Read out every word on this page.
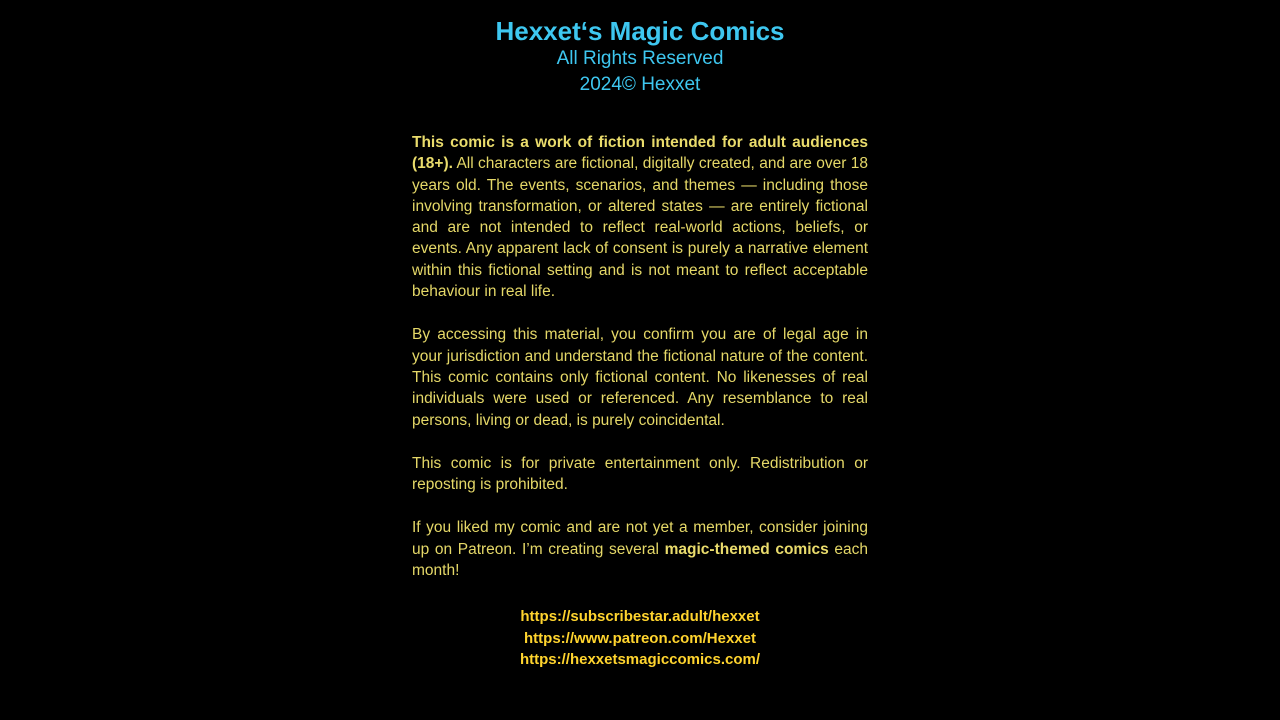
Hexxet‘s Magic Comics
All Rights Reserved
2024© Hexxet

This comic is a work of fiction intended for adult audiences (18+). All characters are fictional, digitally created, and are over 18 years old. The events, scenarios, and themes — including those involving transformation, or altered states — are entirely fictional and are not intended to reflect real-world actions, beliefs, or events. Any apparent lack of consent is purely a narrative element within this fictional setting and is not meant to reflect acceptable behaviour in real life.

By accessing this material, you confirm you are of legal age in your jurisdiction and understand the fictional nature of the content. This comic contains only fictional content. No likenesses of real individuals were used or referenced. Any resemblance to real persons, living or dead, is purely coincidental.

This comic is for private entertainment only. Redistribution or reposting is prohibited.

If you liked my comic and are not yet a member, consider joining up on Patreon. I’m creating several magic-themed comics each month!

https://subscribestar.adult/hexxet
https://www.patreon.com/Hexxet
https://hexxetsmagiccomics.com/
